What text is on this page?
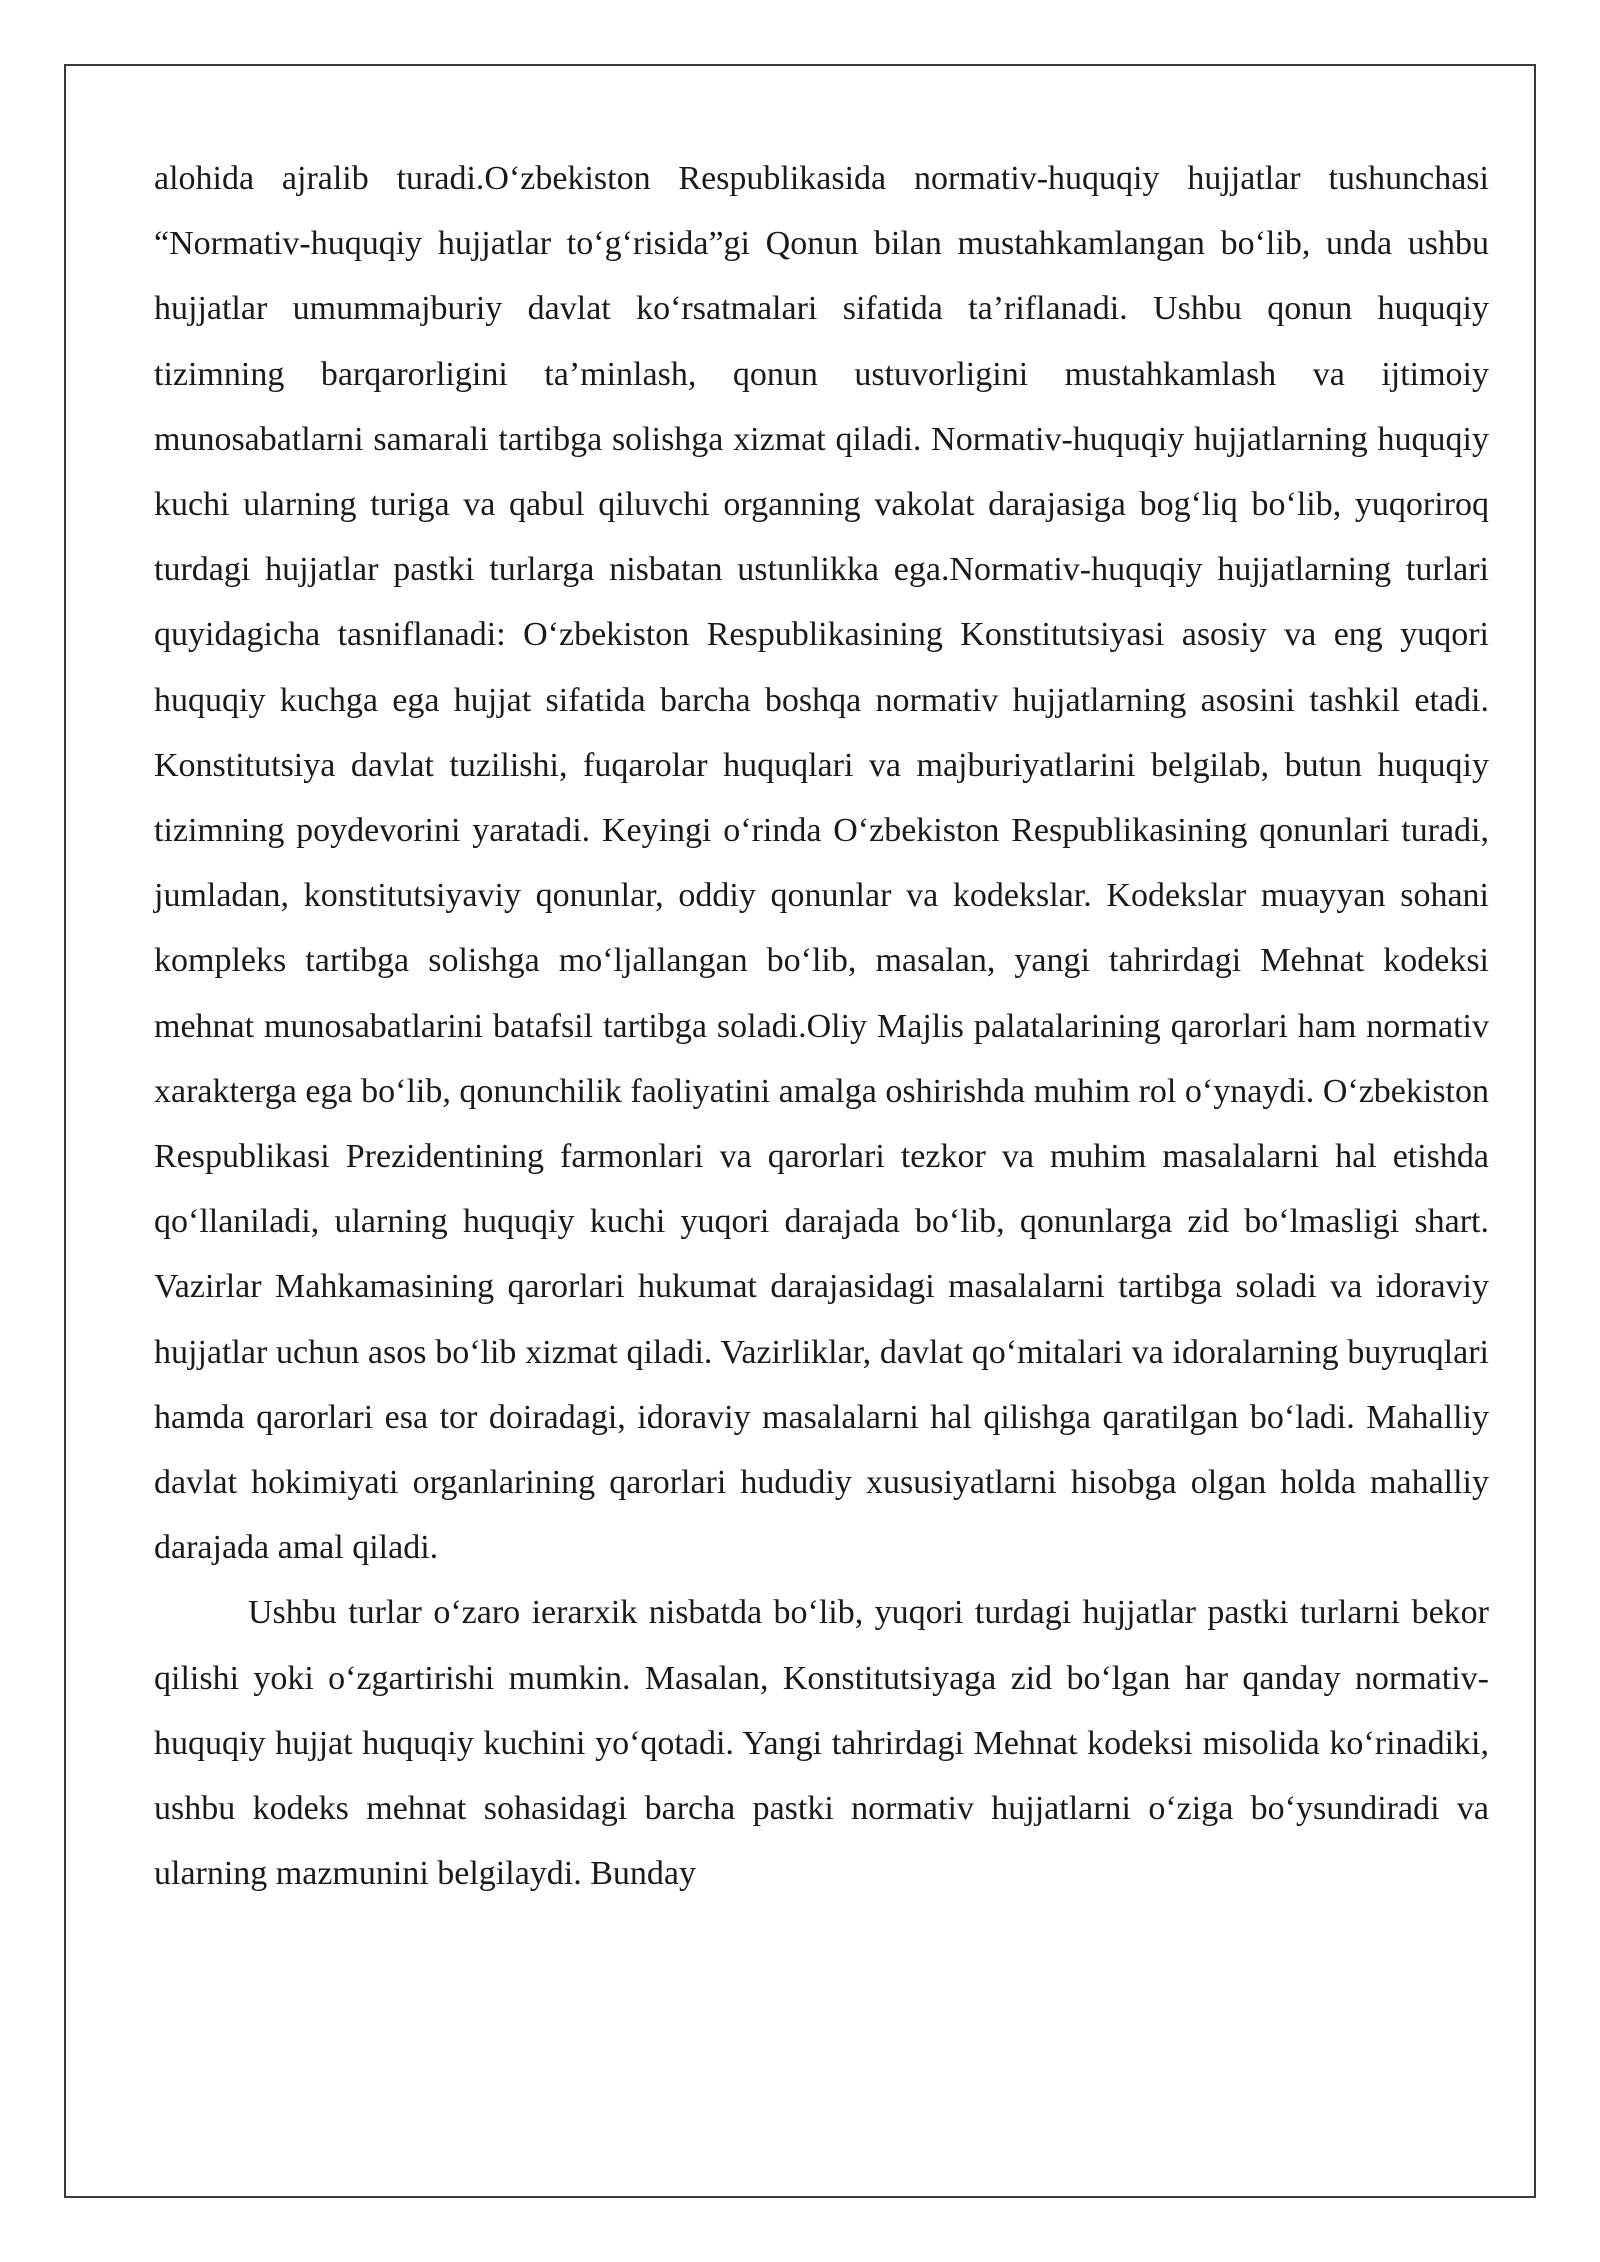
alohida ajralib turadi.O‘zbekiston Respublikasida normativ-huquqiy hujjatlar tushunchasi “Normativ-huquqiy hujjatlar to‘g‘risida”gi Qonun bilan mustahkamlangan bo‘lib, unda ushbu hujjatlar umummajburiy davlat ko‘rsatmalari sifatida ta’riflanadi. Ushbu qonun huquqiy tizimning barqarorligini ta’minlash, qonun ustuvorligini mustahkamlash va ijtimoiy munosabatlarni samarali tartibga solishga xizmat qiladi. Normativ-huquqiy hujjatlarning huquqiy kuchi ularning turiga va qabul qiluvchi organning vakolat darajasiga bog‘liq bo‘lib, yuqoriroq turdagi hujjatlar pastki turlarga nisbatan ustunlikka ega.Normativ-huquqiy hujjatlarning turlari quyidagicha tasniflanadi: O‘zbekiston Respublikasining Konstitutsiyasi asosiy va eng yuqori huquqiy kuchga ega hujjat sifatida barcha boshqa normativ hujjatlarning asosini tashkil etadi. Konstitutsiya davlat tuzilishi, fuqarolar huquqlari va majburiyatlarini belgilab, butun huquqiy tizimning poydevorini yaratadi. Keyingi o‘rinda O‘zbekiston Respublikasining qonunlari turadi, jumladan, konstitutsiyaviy qonunlar, oddiy qonunlar va kodekslar. Kodekslar muayyan sohani kompleks tartibga solishga mo‘ljallangan bo‘lib, masalan, yangi tahrirdagi Mehnat kodeksi mehnat munosabatlarini batafsil tartibga soladi.Oliy Majlis palatalarining qarorlari ham normativ xarakterga ega bo‘lib, qonunchilik faoliyatini amalga oshirishda muhim rol o‘ynaydi. O‘zbekiston Respublikasi Prezidentining farmonlari va qarorlari tezkor va muhim masalalarni hal etishda qo‘llaniladi, ularning huquqiy kuchi yuqori darajada bo‘lib, qonunlarga zid bo‘lmasligi shart. Vazirlar Mahkamasining qarorlari hukumat darajasidagi masalalarni tartibga soladi va idoraviy hujjatlar uchun asos bo‘lib xizmat qiladi. Vazirliklar, davlat qo‘mitalari va idoralarning buyruqlari hamda qarorlari esa tor doiradagi, idoraviy masalalarni hal qilishga qaratilgan bo‘ladi. Mahalliy davlat hokimiyati organlarining qarorlari hududiy xususiyatlarni hisobga olgan holda mahalliy darajada amal qiladi.

Ushbu turlar o‘zaro ierarxik nisbatda bo‘lib, yuqori turdagi hujjatlar pastki turlarni bekor qilishi yoki o‘zgartirishi mumkin. Masalan, Konstitutsiyaga zid bo‘lgan har qanday normativ-huquqiy hujjat huquqiy kuchini yo‘qotadi. Yangi tahrirdagi Mehnat kodeksi misolida ko‘rinadiki, ushbu kodeks mehnat sohasidagi barcha pastki normativ hujjatlarni o‘ziga bo‘ysundiradi va ularning mazmunini belgilaydi. Bunday
